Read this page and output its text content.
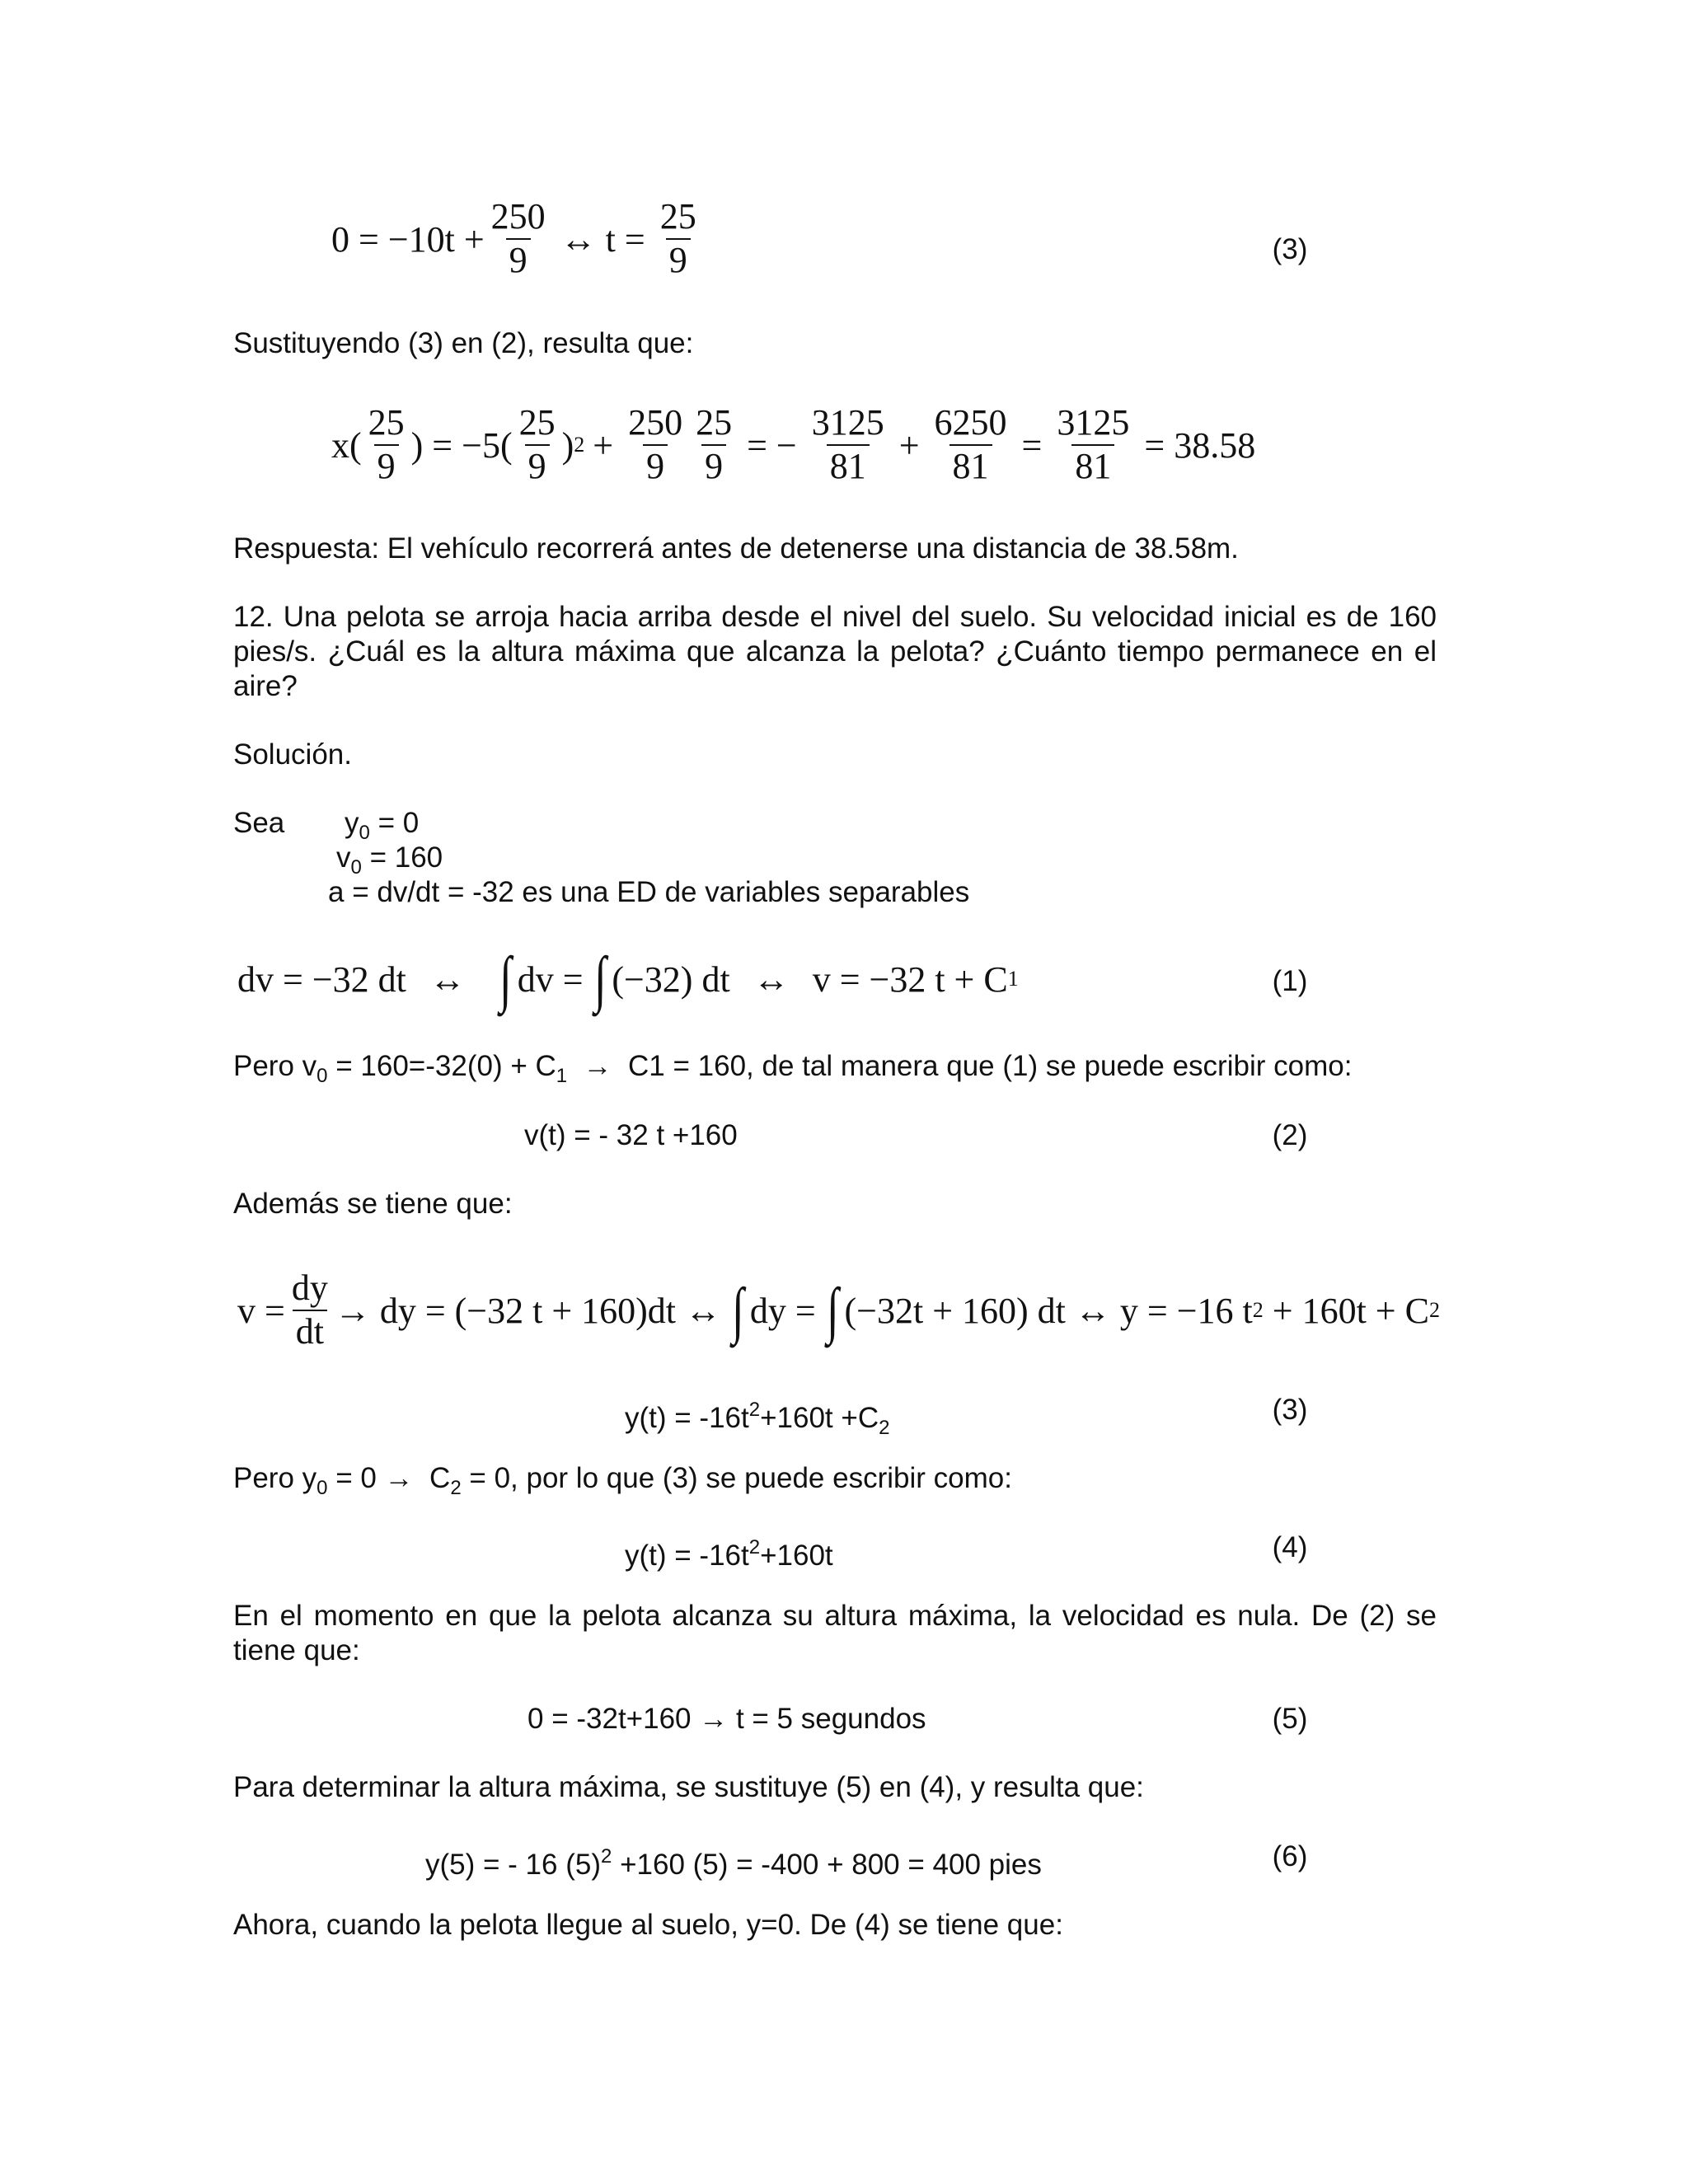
$0 = -10t + \frac{250}{9}$ ↔ $t = \frac{25}{9}$	(3)
Sustituyendo (3) en (2), resulta que:
$x( \frac{25}{9}$ ) = $-5( \frac{25}{9}$ ) $2 + \frac{250}{9} \frac{25}{9}$ = − $\frac{3125}{81} + \frac{6250}{81} = \frac{3125}{81} = 38.58$
Respuesta: El vehículo recorrerá antes de detenerse una distancia de 38.58m.
12. Una pelota se arroja hacia arriba desde el nivel del suelo. Su velocidad inicial es de 160 pies/s. ¿Cuál es la altura máxima que alcanza la pelota? ¿Cuánto tiempo permanece en el aire?
Solución.
Sea $y_0 = 0$
$v_0 = 160$
a = dv/dt = -32 es una ED de variables separables
dv = −32 dt ↔ ∫ dv = ∫ (−32) dt ↔ v = −32 t + C 1	(1)
Pero $v_0 = 160=-32(0) + C_1 \to C1 = 160$, de tal manera que (1) se puede escribir como:
v(t) = - 32 t +160	(2)
Además se tiene que:
$v = \frac{dy}{dt}$ → dy = (−32 t + 160)dt ↔ ∫ dy = ∫ (−32t + 160) dt ↔ y = −16 t 2 + 160t + C 2
$y(t) = -16t^2+160t +C_2$
(3)
Pero $y_0 = 0 \to C_2 = 0$, por lo que (3) se puede escribir como:
$y(t) = -16t^2+160t$	(4)
En el momento en que la pelota alcanza su altura máxima, la velocidad es nula. De (2) se tiene que:
0 = -32t+160 → t = 5 segundos	(5)
Para determinar la altura máxima, se sustituye (5) en (4), y resulta que:
y(5) = - 16 $(5)^2 +160$ (5) = -400 + 800 = 400 pies	(6)
Ahora, cuando la pelota llegue al suelo, y=0. De (4) se tiene que:
